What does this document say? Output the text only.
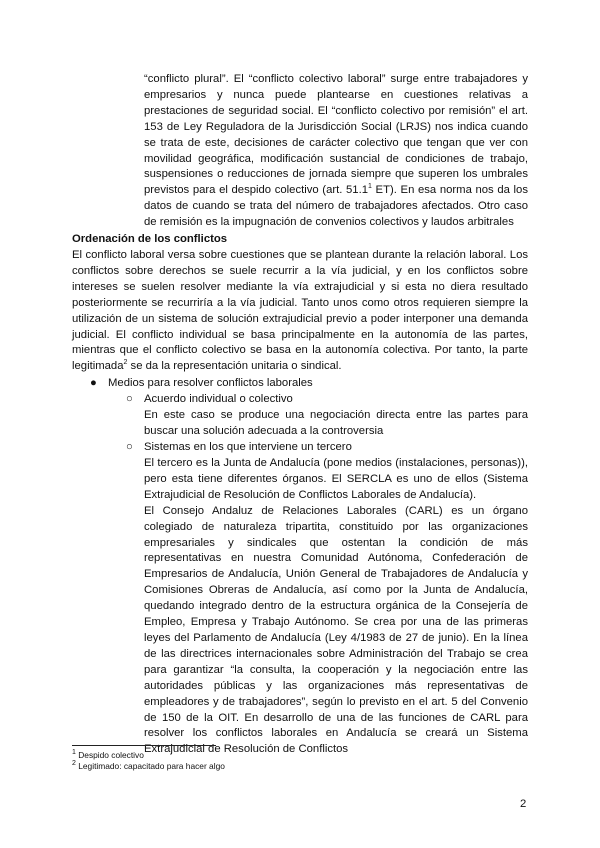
“conflicto plural”. El “conflicto colectivo laboral” surge entre trabajadores y empresarios y nunca puede plantearse en cuestiones relativas a prestaciones de seguridad social. El “conflicto colectivo por remisión” el art. 153 de Ley Reguladora de la Jurisdicción Social (LRJS) nos indica cuando se trata de este, decisiones de carácter colectivo que tengan que ver con movilidad geográfica, modificación sustancial de condiciones de trabajo, suspensiones o reducciones de jornada siempre que superen los umbrales previstos para el despido colectivo (art. 51.1$^1$ ET). En esa norma nos da los datos de cuando se trata del número de trabajadores afectados. Otro caso de remisión es la impugnación de convenios colectivos y laudos arbitrales

Ordenación de los conflictos

El conflicto laboral versa sobre cuestiones que se plantean durante la relación laboral. Los conflictos sobre derechos se suele recurrir a la vía judicial, y en los conflictos sobre intereses se suelen resolver mediante la vía extrajudicial y si esta no diera resultado posteriormente se recurriría a la vía judicial. Tanto unos como otros requieren siempre la utilización de un sistema de solución extrajudicial previo a poder interponer una demanda judicial. El conflicto individual se basa principalmente en la autonomía de las partes, mientras que el conflicto colectivo se basa en la autonomía colectiva. Por tanto, la parte legitimada$^2$ se da la representación unitaria o sindical.

● Medios para resolver conflictos laborales
○ Acuerdo individual o colectivo

En este caso se produce una negociación directa entre las partes para buscar una solución adecuada a la controversia

○ Sistemas en los que interviene un tercero

El tercero es la Junta de Andalucía (pone medios (instalaciones, personas)), pero esta tiene diferentes órganos. El SERCLA es uno de ellos (Sistema Extrajudicial de Resolución de Conflictos Laborales de Andalucía).

El Consejo Andaluz de Relaciones Laborales (CARL) es un órgano colegiado de naturaleza tripartita, constituido por las organizaciones empresariales y sindicales que ostentan la condición de más representativas en nuestra Comunidad Autónoma, Confederación de Empresarios de Andalucía, Unión General de Trabajadores de Andalucía y Comisiones Obreras de Andalucía, así como por la Junta de Andalucía, quedando integrado dentro de la estructura orgánica de la Consejería de Empleo, Empresa y Trabajo Autónomo. Se crea por una de las primeras leyes del Parlamento de Andalucía (Ley 4/1983 de 27 de junio). En la línea de las directrices internacionales sobre Administración del Trabajo se crea para garantizar “la consulta, la cooperación y la negociación entre las autoridades públicas y las organizaciones más representativas de empleadores y de trabajadores”, según lo previsto en el art. 5 del Convenio de 150 de la OIT. En desarrollo de una de las funciones de CARL para resolver los conflictos laborales en Andalucía se creará un Sistema Extrajudicial de Resolución de Conflictos

$^1$ Despido colectivo
$^2$ Legitimado: capacitado para hacer algo
2
